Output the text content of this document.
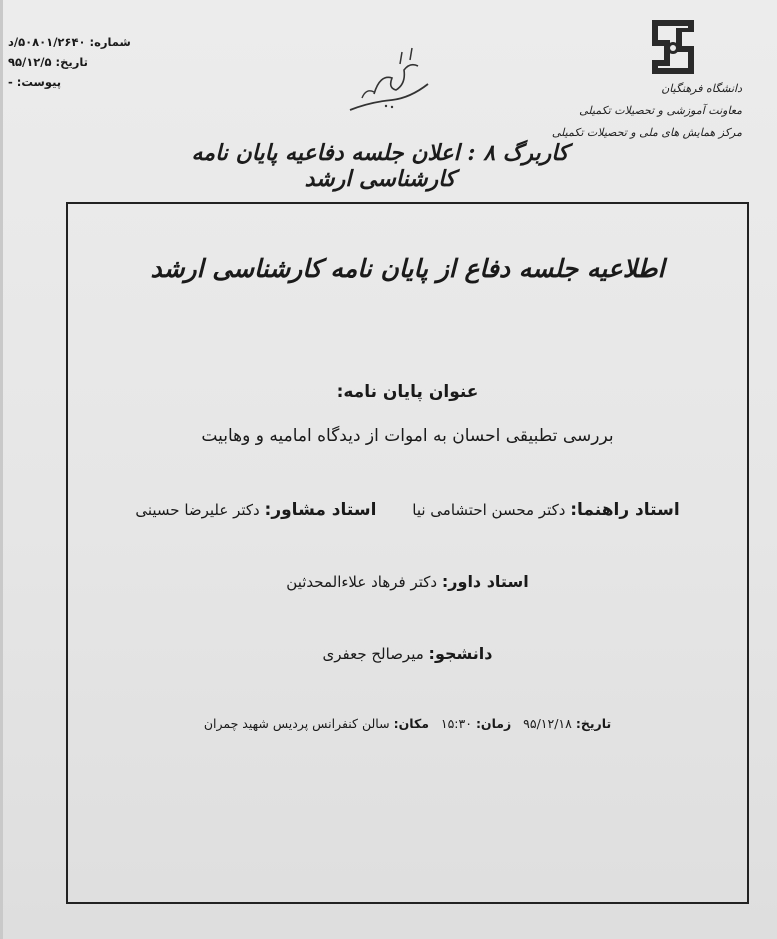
شماره:
۵۰۸۰۱/۲۶۴۰/د
تاریخ:
۹۵/۱۲/۵
پیوست:
-	دانشگاه فرهنگیان
معاونت آموزشی و تحصیلات تکمیلی
مرکز همایش های ملی و تحصیلات تکمیلی
کاربرگ ۸ : اعلان جلسه دفاعیه پایان نامه کارشناسی ارشد
اطلاعیه جلسه دفاع از پایان نامه کارشناسی ارشد
عنوان پایان نامه:
بررسی تطبیقی احسان به اموات از دیدگاه امامیه و وهابیت
استاد راهنما: دکتر محسن احتشامی نیا     استاد مشاور: دکتر علیرضا حسینی
استاد داور: دکتر فرهاد علاءالمحدثین
دانشجو: میرصالح جعفری
تاریخ: ۹۵/۱۲/۱۸   زمان: ۱۵:۳۰   مکان: سالن کنفرانس پردیس شهید چمران
